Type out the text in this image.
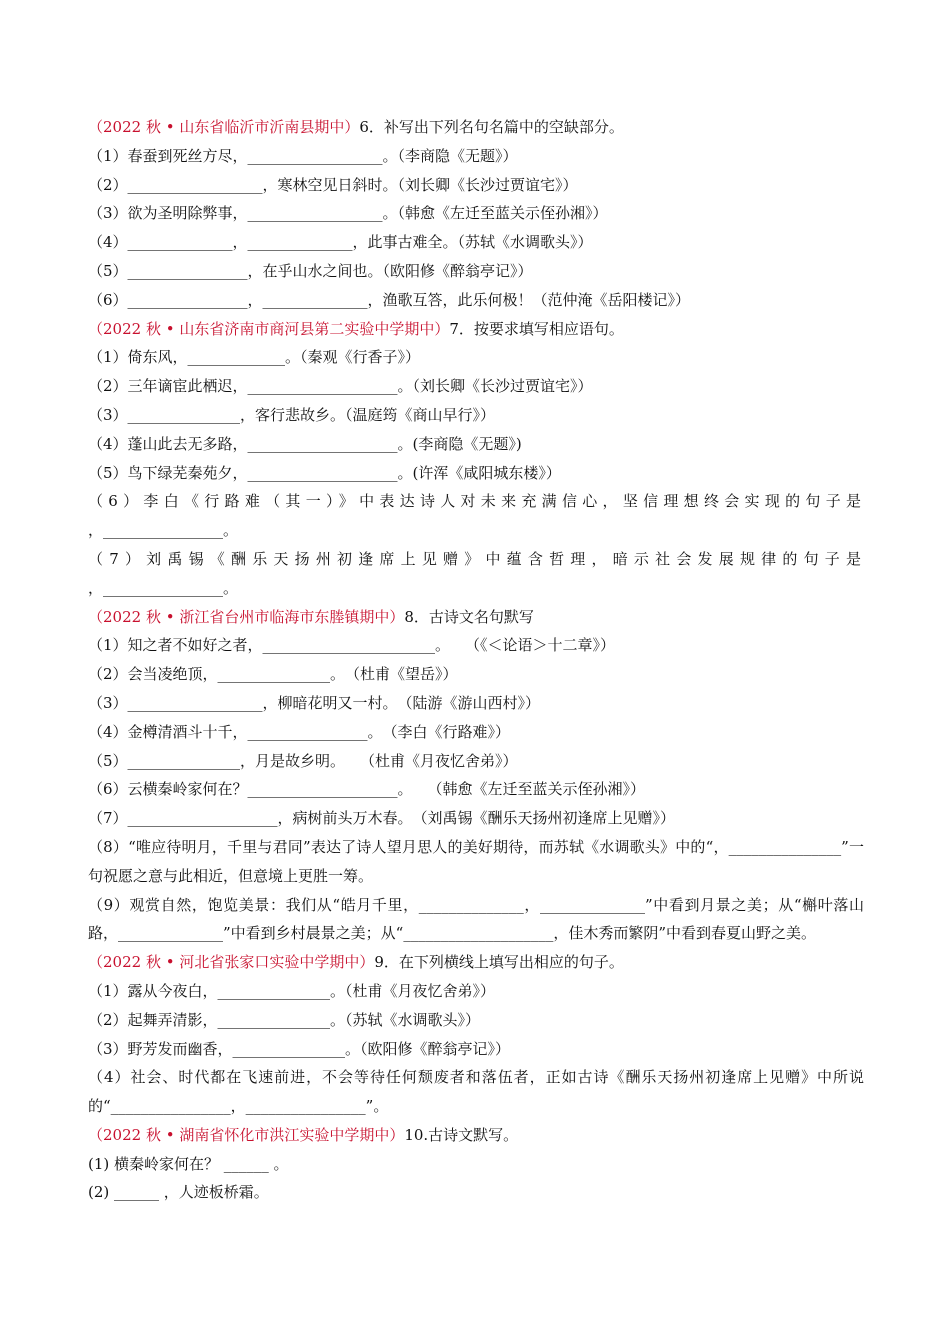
（2022 秋 • 山东省临沂市沂南县期中）6．补写出下列名句名篇中的空缺部分。
（1）春蚕到死丝方尽，__________________。（李商隐《无题》）
（2）__________________，寒林空见日斜时。（刘长卿《长沙过贾谊宅》）
（3）欲为圣明除弊事，__________________。（韩愈《左迁至蓝关示侄孙湘》）
（4）______________，______________，此事古难全。（苏轼《水调歌头》）
（5）________________，在乎山水之间也。（欧阳修《醉翁亭记》）
（6）________________，______________，渔歌互答，此乐何极！（范仲淹《岳阳楼记》）
（2022 秋 • 山东省济南市商河县第二实验中学期中）7．按要求填写相应语句。
（1）倚东风，_____________。（秦观《行香子》）
（2）三年谪宦此栖迟，____________________。（刘长卿《长沙过贾谊宅》）
（3）_______________，客行悲故乡。（温庭筠《商山早行》）
（4）蓬山此去无多路，____________________。(李商隐《无题》)
（5）鸟下绿芜秦苑夕，____________________。(许浑《咸阳城东楼》）
（6）李白《行路难（其一）》中表达诗人对未来充满信心，坚信理想终会实现的句子是
，________________。
（7）刘禹锡《酬乐天扬州初逢席上见赠》中蕴含哲理，暗示社会发展规律的句子是
，________________。
（2022 秋 • 浙江省台州市临海市东塍镇期中）8．古诗文名句默写
（1）知之者不如好之者，_______________________。　　（《＜论语＞十二章》）
（2）会当凌绝顶，_______________。　（杜甫《望岳》）
（3）__________________，柳暗花明又一村。　（陆游《游山西村》）
（4）金樽清酒斗十千，________________。　（李白《行路难》）
（5）_______________，月是故乡明。　　（杜甫《月夜忆舍弟》）
（6）云横秦岭家何在？____________________。　　（韩愈《左迁至蓝关示侄孙湘》）
（7）____________________，病树前头万木春。　（刘禹锡《酬乐天扬州初逢席上见赠》）
（8）“唯应待明月，千里与君同”表达了诗人望月思人的美好期待，而苏轼《水调歌头》中的“，_______________”一句祝愿之意与此相近，但意境上更胜一筹。
（9）观赏自然，饱览美景：我们从“皓月千里，______________，______________”中看到月景之美；从“槲叶落山路，______________”中看到乡村晨景之美；从“____________________，佳木秀而繁阴”中看到春夏山野之美。
（2022 秋 • 河北省张家口实验中学期中）9．在下列横线上填写出相应的句子。
（1）露从今夜白，_______________。（杜甫《月夜忆舍弟》）
（2）起舞弄清影，_______________。（苏轼《水调歌头》）
（3）野芳发而幽香，_______________。（欧阳修《醉翁亭记》）
（4）社会、时代都在飞速前进，不会等待任何颓废者和落伍者，正如古诗《酬乐天扬州初逢席上见赠》中所说的“________________，________________”。
（2022 秋 • 湖南省怀化市洪江实验中学期中）10.古诗文默写。
(1) 横秦岭家何在？ ______ 。
(2) ______ ，人迹板桥霜。
